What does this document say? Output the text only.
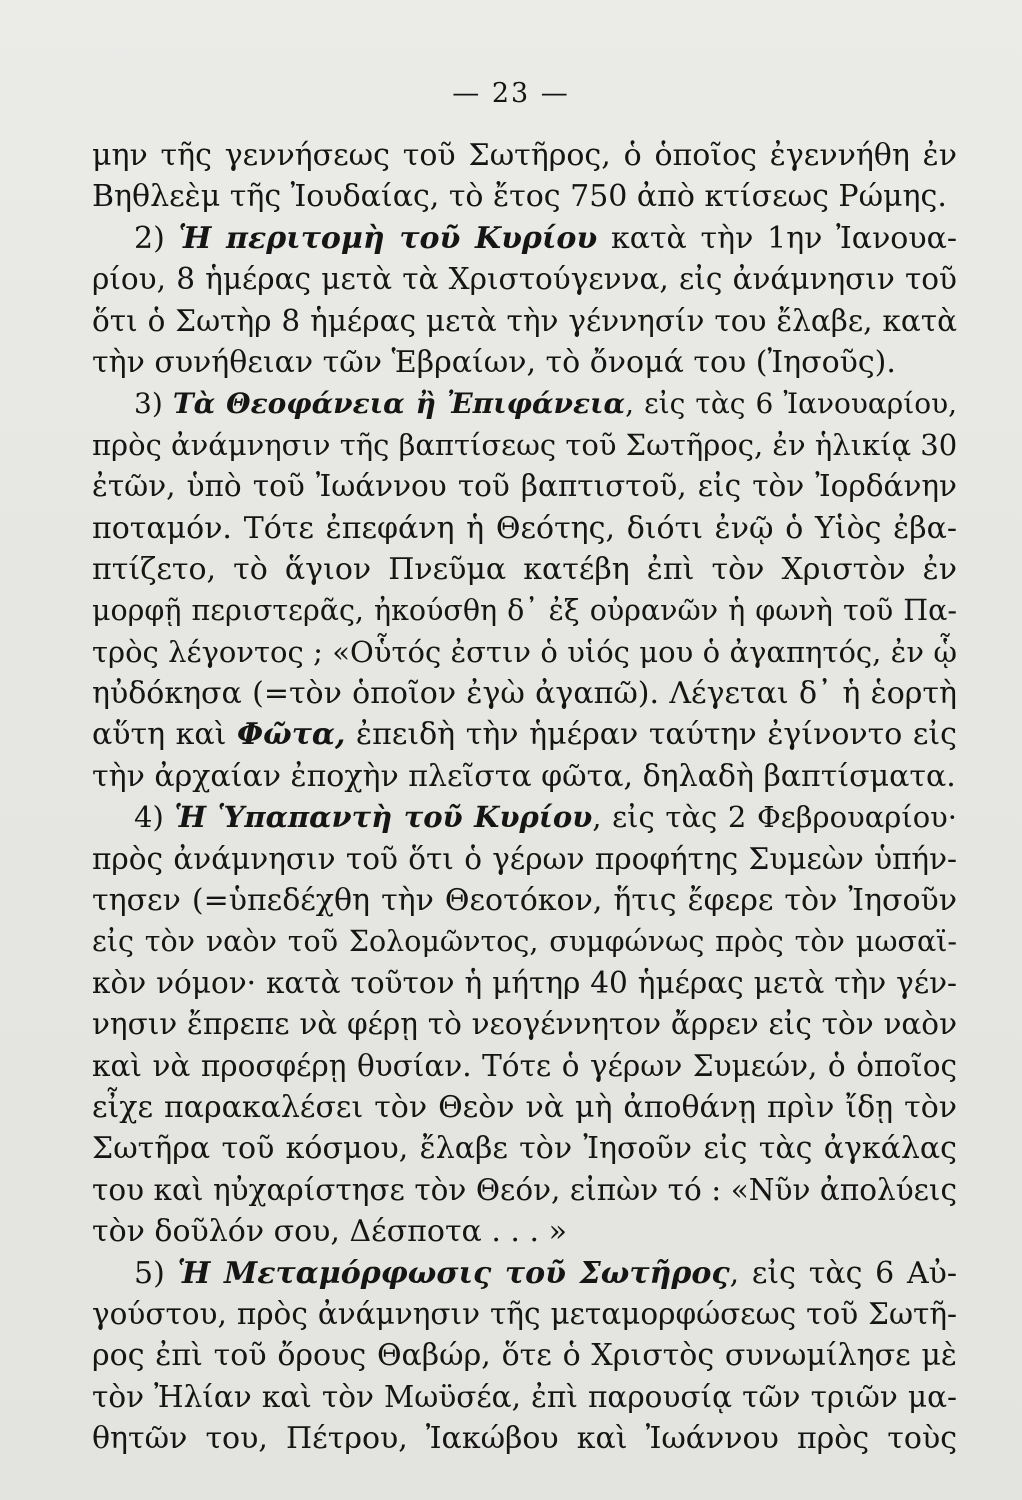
— 23 —
μην τῆς γεννήσεως τοῦ Σωτῆρος, ὁ ὁποῖος ἐγεννήθη ἐν
Βηθλεὲμ τῆς Ἰουδαίας, τὸ ἔτος 750 ἀπὸ κτίσεως Ρώμης.
2) Ἡ περιτομὴ τοῦ Κυρίου κατὰ τὴν 1ην Ἰανουα-
ρίου, 8 ἡμέρας μετὰ τὰ Χριστούγεννα, εἰς ἀνάμνησιν τοῦ
ὅτι ὁ Σωτὴρ 8 ἡμέρας μετὰ τὴν γέννησίν του ἔλαβε, κατὰ
τὴν συνήθειαν τῶν Ἑβραίων, τὸ ὄνομά του (Ἰησοῦς).
3) Τὰ Θεοφάνεια ἢ Ἐπιφάνεια, εἰς τὰς 6 Ἰανουαρίου,
πρὸς ἀνάμνησιν τῆς βαπτίσεως τοῦ Σωτῆρος, ἐν ἡλικίᾳ 30
ἐτῶν, ὑπὸ τοῦ Ἰωάννου τοῦ βαπτιστοῦ, εἰς τὸν Ἰορδάνην
ποταμόν. Τότε ἐπεφάνη ἡ Θεότης, διότι ἐνῷ ὁ Υἱὸς ἐβα-
πτίζετο, τὸ ἅγιον Πνεῦμα κατέβη ἐπὶ τὸν Χριστὸν ἐν
μορφῇ περιστερᾶς, ἠκούσθη δ᾿ ἐξ οὐρανῶν ἡ φωνὴ τοῦ Πα-
τρὸς λέγοντος ; «Οὗτός ἐστιν ὁ υἱός μου ὁ ἀγαπητός, ἐν ᾧ
ηὐδόκησα (=τὸν ὁποῖον ἐγὼ ἀγαπῶ). Λέγεται δ᾿ ἡ ἑορτὴ
αὕτη καὶ Φῶτα, ἐπειδὴ τὴν ἡμέραν ταύτην ἐγίνοντο εἰς
τὴν ἀρχαίαν ἐποχὴν πλεῖστα φῶτα, δηλαδὴ βαπτίσματα.
4) Ἡ Ὑπαπαντὴ τοῦ Κυρίου, εἰς τὰς 2 Φεβρουαρίου·
πρὸς ἀνάμνησιν τοῦ ὅτι ὁ γέρων προφήτης Συμεὼν ὑπήν-
τησεν (=ὑπεδέχθη τὴν Θεοτόκον, ἥτις ἔφερε τὸν Ἰησοῦν
εἰς τὸν ναὸν τοῦ Σολομῶντος, συμφώνως πρὸς τὸν μωσαϊ-
κὸν νόμον· κατὰ τοῦτον ἡ μήτηρ 40 ἡμέρας μετὰ τὴν γέν-
νησιν ἔπρεπε νὰ φέρῃ τὸ νεογέννητον ἄρρεν εἰς τὸν ναὸν
καὶ νὰ προσφέρῃ θυσίαν. Τότε ὁ γέρων Συμεών, ὁ ὁποῖος
εἶχε παρακαλέσει τὸν Θεὸν νὰ μὴ ἀποθάνῃ πρὶν ἴδῃ τὸν
Σωτῆρα τοῦ κόσμου, ἔλαβε τὸν Ἰησοῦν εἰς τὰς ἀγκάλας
του καὶ ηὐχαρίστησε τὸν Θεόν, εἰπὼν τό : «Νῦν ἀπολύεις
τὸν δοῦλόν σου, Δέσποτα . . . »
5) Ἡ Μεταμόρφωσις τοῦ Σωτῆρος, εἰς τὰς 6 Αὐ-
γούστου, πρὸς ἀνάμνησιν τῆς μεταμορφώσεως τοῦ Σωτῆ-
ρος ἐπὶ τοῦ ὄρους Θαβώρ, ὅτε ὁ Χριστὸς συνωμίλησε μὲ
τὸν Ἠλίαν καὶ τὸν Μωϋσέα, ἐπὶ παρουσίᾳ τῶν τριῶν μα-
θητῶν του, Πέτρου, Ἰακώβου καὶ Ἰωάννου πρὸς τοὺς
